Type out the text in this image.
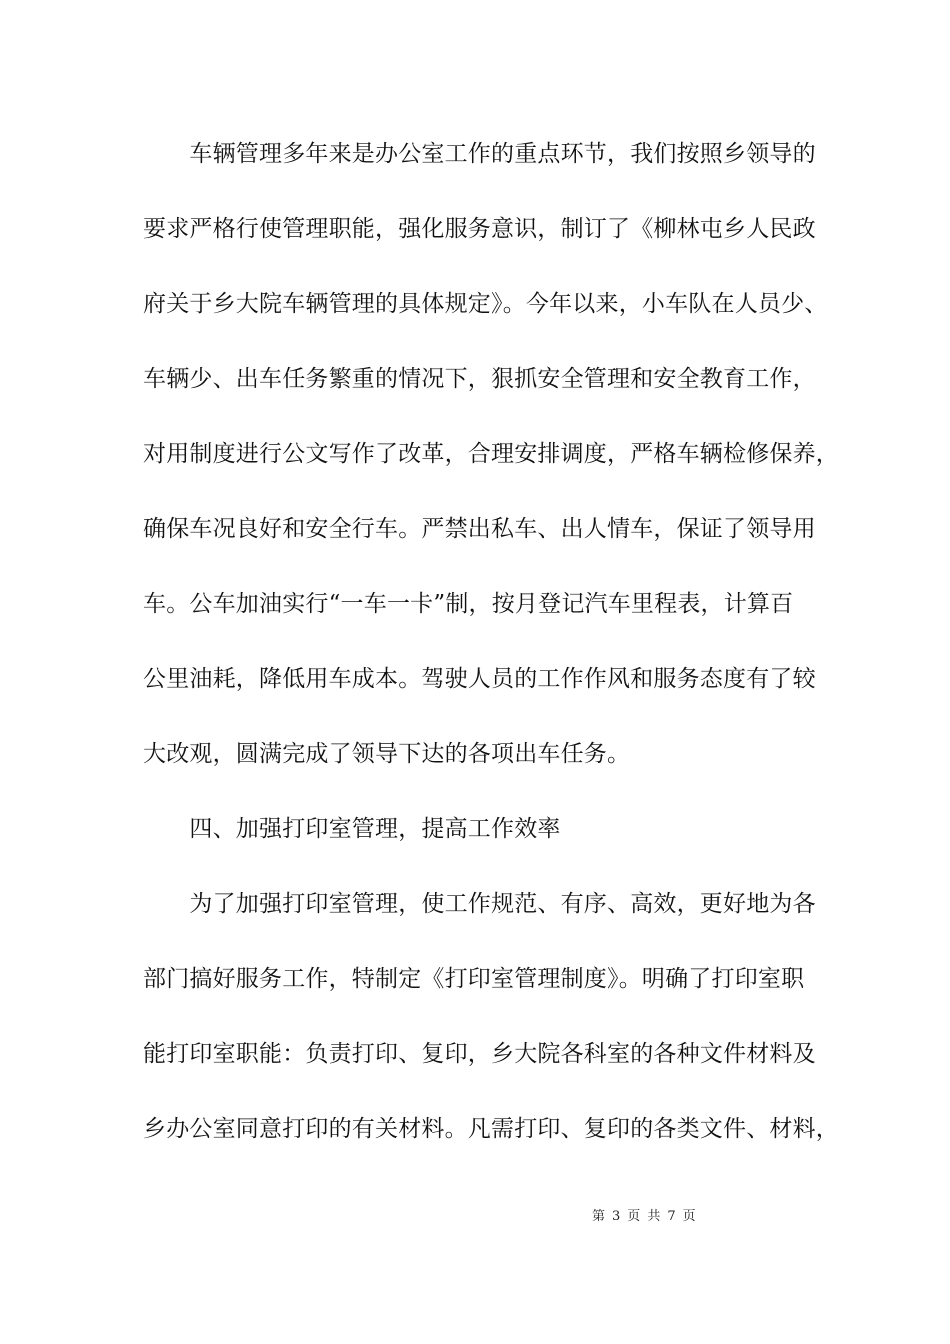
　　车辆管理多年来是办公室工作的重点环节，我们按照乡领导的
要求严格行使管理职能，强化服务意识，制订了《柳林屯乡人民政
府关于乡大院车辆管理的具体规定》。今年以来，小车队在人员少、
车辆少、出车任务繁重的情况下，狠抓安全管理和安全教育工作，
对用制度进行公文写作了改革，合理安排调度，严格车辆检修保养，
确保车况良好和安全行车。严禁出私车、出人情车，保证了领导用
车。公车加油实行“一车一卡”制，按月登记汽车里程表，计算百
公里油耗，降低用车成本。驾驶人员的工作作风和服务态度有了较
大改观，圆满完成了领导下达的各项出车任务。
　　四、加强打印室管理，提高工作效率
　　为了加强打印室管理，使工作规范、有序、高效，更好地为各
部门搞好服务工作，特制定《打印室管理制度》。明确了打印室职
能打印室职能：负责打印、复印，乡大院各科室的各种文件材料及
乡办公室同意打印的有关材料。凡需打印、复印的各类文件、材料，
第 3 页 共 7 页
